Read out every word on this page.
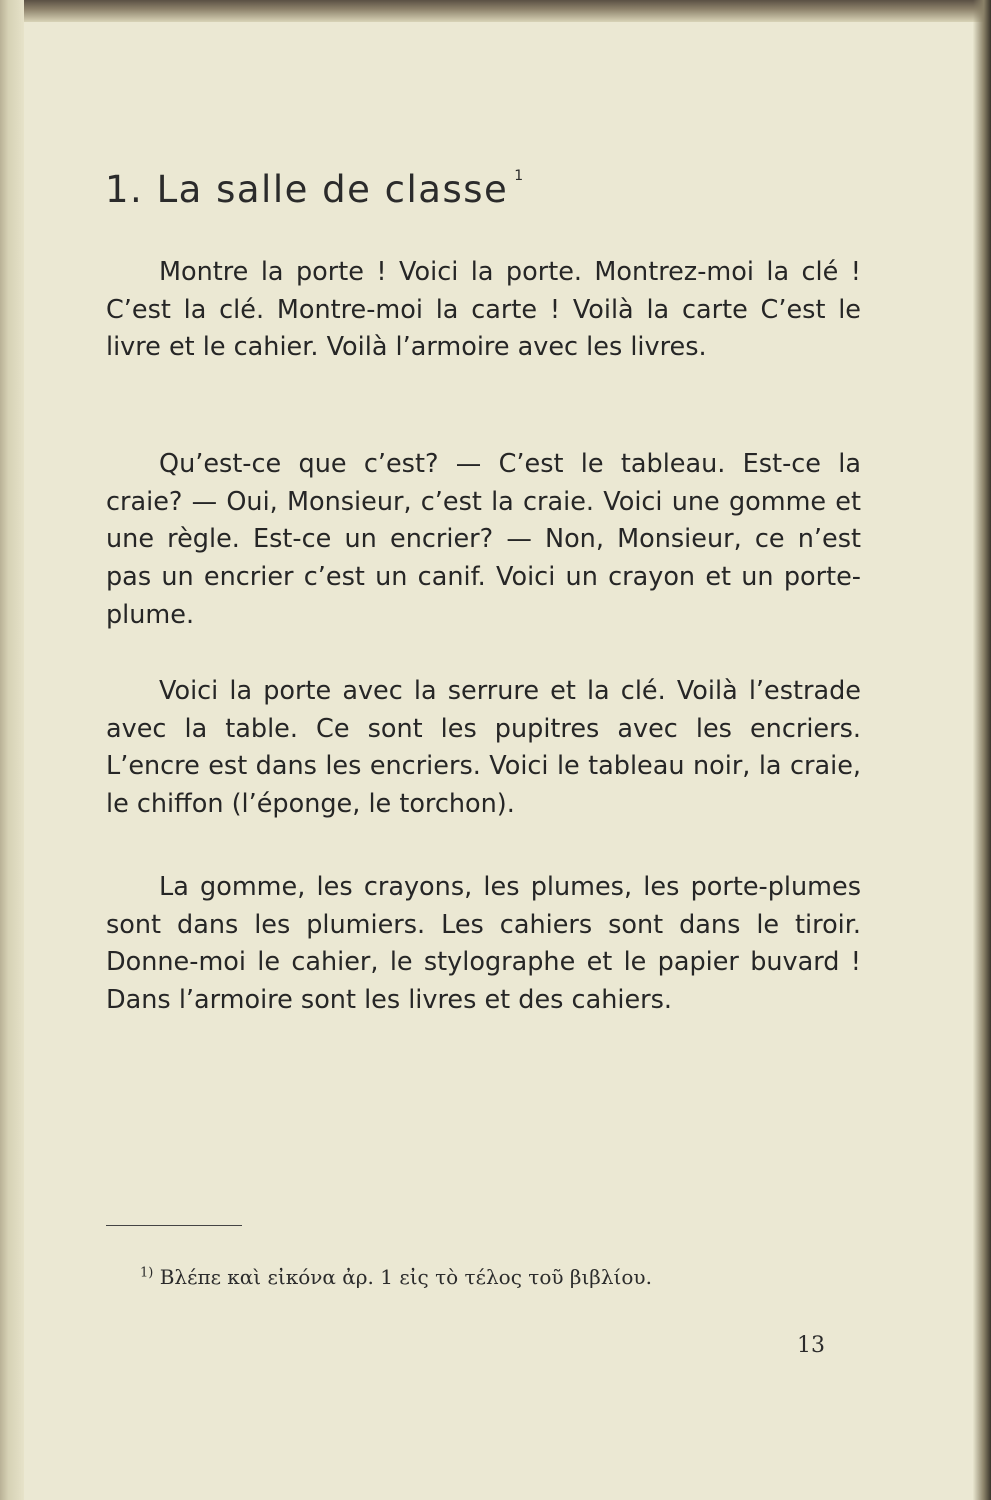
1. La salle de classe $^1$

Montre la porte ! Voici la porte. Montrez-moi la clé ! C’est la clé. Montre-moi la carte ! Voilà la carte C’est le livre et le cahier. Voilà l’armoire avec les livres.

Qu’est-ce que c’est? — C’est le tableau. Est-ce la craie? — Oui, Monsieur, c’est la craie. Voici une gomme et une règle. Est-ce un encrier? — Non, Monsieur, ce n’est pas un encrier c’est un canif. Voici un crayon et un porte-plume.

Voici la porte avec la serrure et la clé. Voilà l’estrade avec la table. Ce sont les pupitres avec les encriers. L’encre est dans les encriers. Voici le tableau noir, la craie, le chiffon (l’éponge, le torchon).

La gomme, les crayons, les plumes, les porte-plumes sont dans les plumiers. Les cahiers sont dans le tiroir. Donne-moi le cahier, le stylographe et le papier buvard ! Dans l’armoire sont les livres et des cahiers.

$^{1)}$ Βλέπε καὶ εἰκόνα ἀρ. 1 εἰς τὸ τέλος τοῦ βιβλίου.

13
